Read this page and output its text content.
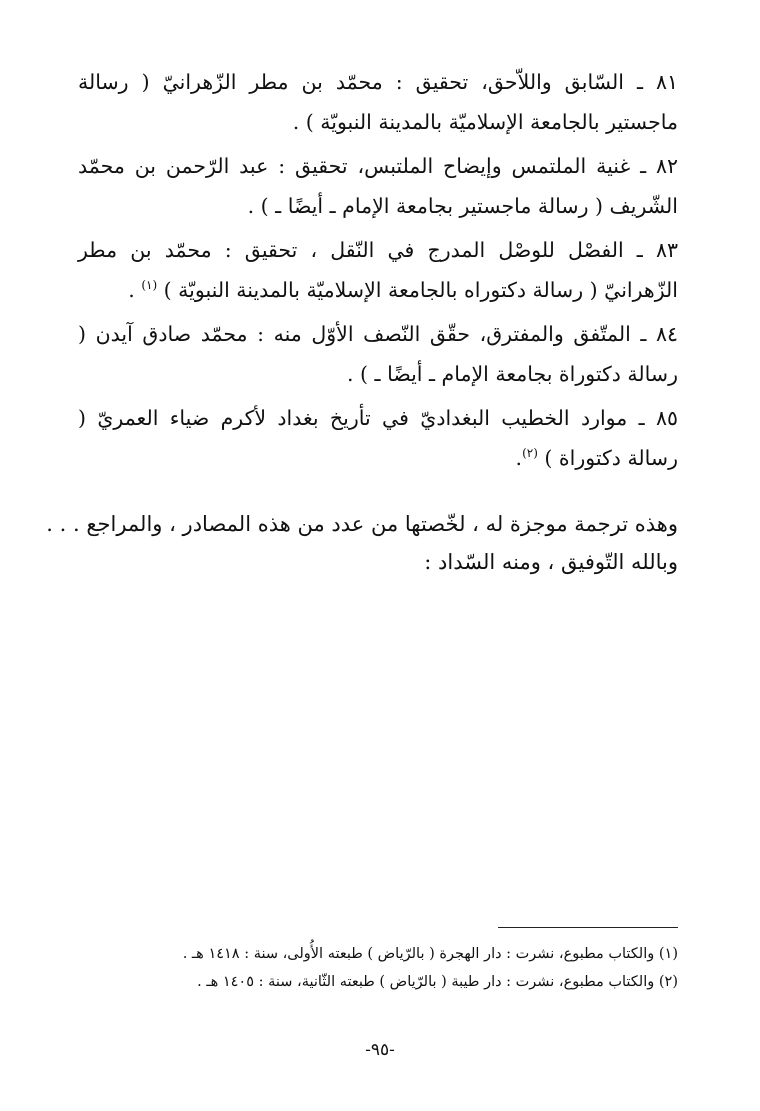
٨١ ـ السّابق واللاّحق، تحقيق : محمّد بن مطر الزّهرانيّ ( رسالة ماجستير بالجامعة الإسلاميّة بالمدينة النبويّة ) .
٨٢ ـ غنية الملتمس وإيضاح الملتبس، تحقيق : عبد الرّحمن بن محمّد الشّريف ( رسالة ماجستير بجامعة الإمام ـ أيضًا ـ ) .
٨٣ ـ الفصْل للوصْل المدرج في النّقل ، تحقيق : محمّد بن مطر الزّهرانيّ ( رسالة دكتوراه بالجامعة الإسلاميّة بالمدينة النبويّة ) $^{(١)}$ .
٨٤ ـ المتّفق والمفترق، حقّق النّصف الأوّل منه : محمّد صادق آيدن ( رسالة دكتوراة بجامعة الإمام ـ أيضًا ـ ) .
٨٥ ـ موارد الخطيب البغداديّ في تأريخ بغداد لأكرم ضياء العمريّ ( رسالة دكتوراة ) $^{(٢)}$.

وهذه ترجمة موجزة له ، لخّصتها من عدد من هذه المصادر ، والمراجع . . .

وبالله التّوفيق ، ومنه السّداد :

(١) والكتاب مطبوع، نشرت : دار الهجرة ( بالرّياض ) طبعته الأُولى، سنة : ١٤١٨ هـ .
(٢) والكتاب مطبوع، نشرت : دار طيبة ( بالرّياض ) طبعته الثّانية، سنة : ١٤٠٥ هـ .
-٩٥-
